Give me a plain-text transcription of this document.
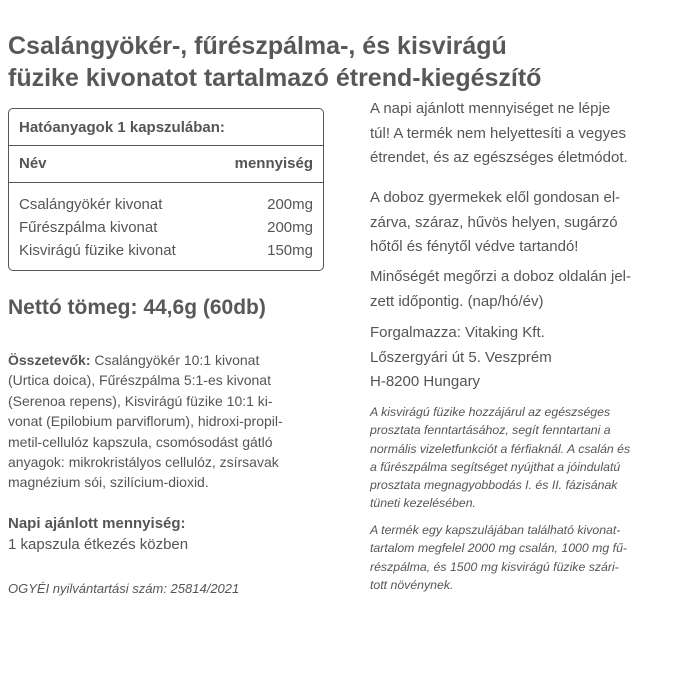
Csalángyökér-, fűrészpálma-, és kisvirágú
füzike kivonatot tartalmazó étrend-kiegészítő
Hatóanyagok 1 kapszulában:
Név	mennyiség
Csalángyökér kivonat	200mg
Fűrészpálma kivonat	200mg
Kisvirágú füzike kivonat	150mg
Nettó tömeg: 44,6g (60db)
Összetevők: Csalángyökér 10:1 kivonat
(Urtica doica), Fűrészpálma 5:1-es kivonat
(Serenoa repens), Kisvirágú füzike 10:1 ki-
vonat (Epilobium parviflorum), hidroxi-propil-
metil-cellulóz kapszula, csomósodást gátló
anyagok: mikrokristályos cellulóz, zsírsavak
magnézium sói, szilícium-dioxid.
Napi ajánlott mennyiség:
1 kapszula étkezés közben
OGYÉI nyilvántartási szám: 25814/2021
A napi ajánlott mennyiséget ne lépje
túl! A termék nem helyettesíti a vegyes
étrendet, és az egészséges életmódot.
A doboz gyermekek elől gondosan el-
zárva, száraz, hűvös helyen, sugárzó
hőtől és fénytől védve tartandó!
Minőségét megőrzi a doboz oldalán jel-
zett időpontig. (nap/hó/év)
Forgalmazza: Vitaking Kft.
Lőszergyári út 5. Veszprém
H-8200 Hungary
A kisvirágú füzike hozzájárul az egészséges
prosztata fenntartásához, segít fenntartani a
normális vizeletfunkciót a férfiaknál. A csalán és
a fűrészpálma segítséget nyújthat a jóindulatú
prosztata megnagyobbodás I. és II. fázisának
tüneti kezelésében.
A termék egy kapszulájában található kivonat-
tartalom megfelel 2000 mg csalán, 1000 mg fű-
részpálma, és 1500 mg kisvirágú füzike szári-
tott növénynek.
